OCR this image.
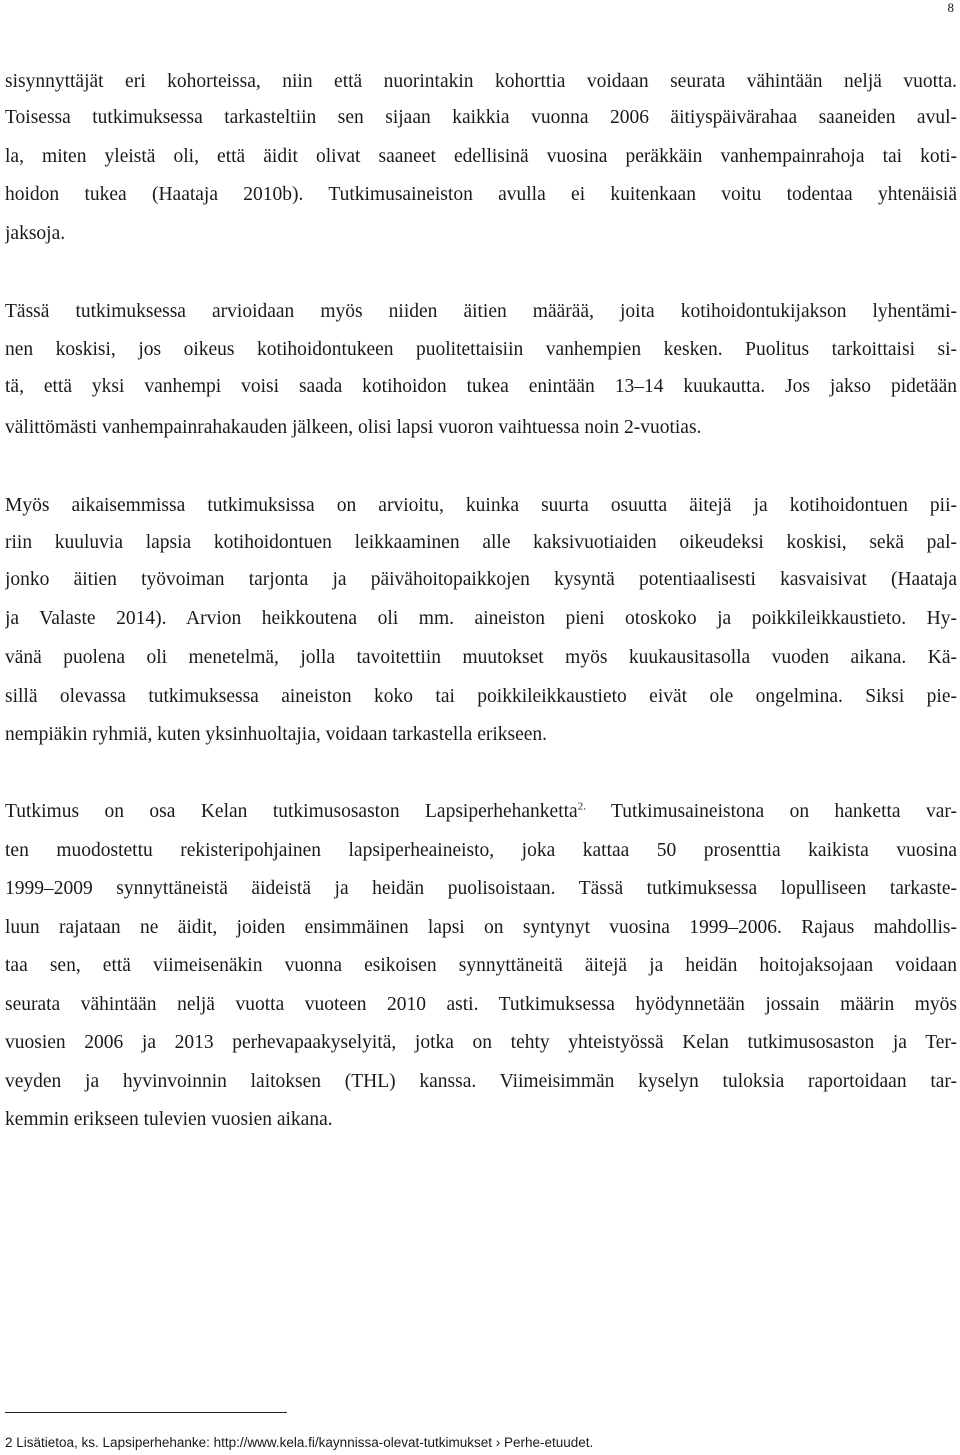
8
sisynnyttäjät eri kohorteissa, niin että nuorintakin kohorttia voidaan seurata vähintään neljä vuotta.
Toisessa tutkimuksessa tarkasteltiin sen sijaan kaikkia vuonna 2006 äitiyspäivärahaa saaneiden avul-
la, miten yleistä oli, että äidit olivat saaneet edellisinä vuosina peräkkäin vanhempainrahoja tai koti-
hoidon tukea (Haataja 2010b). Tutkimusaineiston avulla ei kuitenkaan voitu todentaa yhtenäisiä
jaksoja.
Tässä tutkimuksessa arvioidaan myös niiden äitien määrää, joita kotihoidontukijakson lyhentämi-
nen koskisi, jos oikeus kotihoidontukeen puolitettaisiin vanhempien kesken. Puolitus tarkoittaisi si-
tä, että yksi vanhempi voisi saada kotihoidon tukea enintään 13–14 kuukautta. Jos jakso pidetään
välittömästi vanhempainrahakauden jälkeen, olisi lapsi vuoron vaihtuessa noin 2-vuotias.
Myös aikaisemmissa tutkimuksissa on arvioitu, kuinka suurta osuutta äitejä ja kotihoidontuen pii-
riin kuuluvia lapsia kotihoidontuen leikkaaminen alle kaksivuotiaiden oikeudeksi koskisi, sekä pal-
jonko äitien työvoiman tarjonta ja päivähoitopaikkojen kysyntä potentiaalisesti kasvaisivat (Haataja
ja Valaste 2014). Arvion heikkoutena oli mm. aineiston pieni otoskoko ja poikkileikkaustieto. Hy-
vänä puolena oli menetelmä, jolla tavoitettiin muutokset myös kuukausitasolla vuoden aikana. Kä-
sillä olevassa tutkimuksessa aineiston koko tai poikkileikkaustieto eivät ole ongelmina. Siksi pie-
nempiäkin ryhmiä, kuten yksinhuoltajia, voidaan tarkastella erikseen.
Tutkimus on osa Kelan tutkimusosaston Lapsiperhehanketta$^{2.}$ Tutkimusaineistona on hanketta var-
ten muodostettu rekisteripohjainen lapsiperheaineisto, joka kattaa 50 prosenttia kaikista vuosina
1999–2009 synnyttäneistä äideistä ja heidän puolisoistaan. Tässä tutkimuksessa lopulliseen tarkaste-
luun rajataan ne äidit, joiden ensimmäinen lapsi on syntynyt vuosina 1999–2006. Rajaus mahdollis-
taa sen, että viimeisenäkin vuonna esikoisen synnyttäneitä äitejä ja heidän hoitojaksojaan voidaan
seurata vähintään neljä vuotta vuoteen 2010 asti. Tutkimuksessa hyödynnetään jossain määrin myös
vuosien 2006 ja 2013 perhevapaakyselyitä, jotka on tehty yhteistyössä Kelan tutkimusosaston ja Ter-
veyden ja hyvinvoinnin laitoksen (THL) kanssa. Viimeisimmän kyselyn tuloksia raportoidaan tar-
kemmin erikseen tulevien vuosien aikana.
2 Lisätietoa, ks. Lapsiperhehanke: http://www.kela.fi/kaynnissa-olevat-tutkimukset › Perhe-etuudet.
